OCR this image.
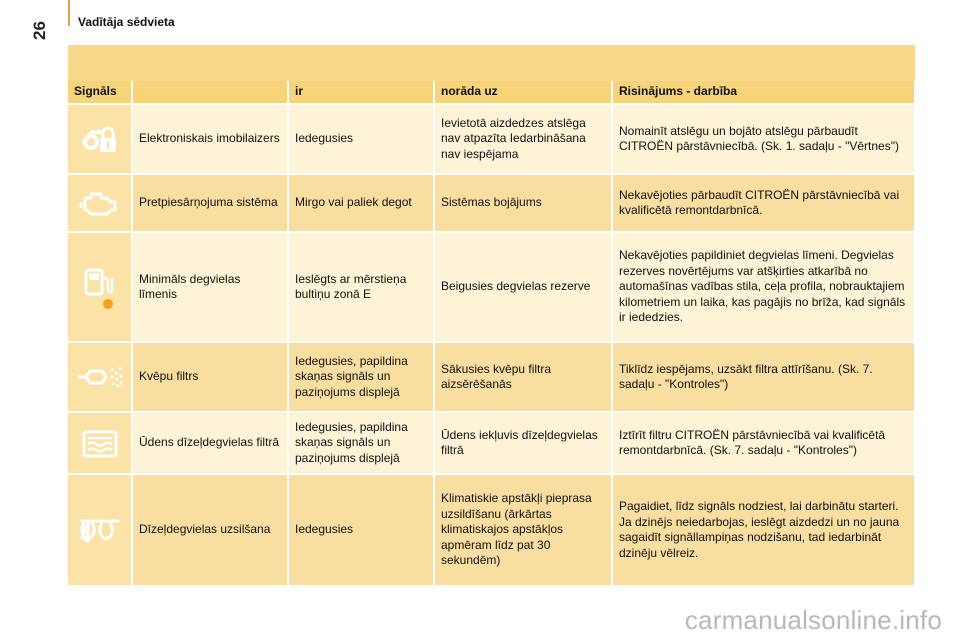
26 Vadītāja sēdvieta
Signāls		ir	norāda uz	Risinājums - darbība

	Elektroniskais imobilaizers	Iedegusies	Ievietotā aizdedzes atslēga nav atpazīta Iedarbināšana nav iespējama	Nomainīt atslēgu un bojāto atslēgu pārbaudīt CITROËN pārstāvniecībā. (Sk. 1. sadaļu - "Vērtnes")

	Pretpiesārņojuma sistēma	Mirgo vai paliek degot	Sistēmas bojājums	Nekavējoties pārbaudīt CITROËN pārstāvniecībā vai kvalificētā remontdarbnīcā.

	Minimāls degvielas līmenis	Ieslēgts ar mērstieņa bultiņu zonā E	Beigusies degvielas rezerve	Nekavējoties papildiniet degvielas līmeni. Degvielas rezerves novērtējums var atšķirties atkarībā no automašīnas vadības stila, ceļa profila, nobrauktajiem kilometriem un laika, kas pagājis no brīža, kad signāls ir iededzies.

	Kvēpu filtrs	Iedegusies, papildina skaņas signāls un paziņojums displejā	Sākusies kvēpu filtra aizsērēšanās	Tiklīdz iespējams, uzsākt filtra attīrīšanu. (Sk. 7. sadaļu - "Kontroles")

	Ūdens dīzeļdegvielas filtrā	Iedegusies, papildina skaņas signāls un paziņojums displejā	Ūdens iekļuvis dīzeļdegvielas filtrā	Iztīrīt filtru CITROËN pārstāvniecībā vai kvalificētā remontdarbnīcā. (Sk. 7. sadaļu - "Kontroles")

	Dīzeļdegvielas uzsilšana	Iedegusies	Klimatiskie apstākļi pieprasa uzsildīšanu (ārkārtas klimatiskajos apstākļos apmēram līdz pat 30 sekundēm)	Pagaidiet, līdz signāls nodziest, lai darbinātu starteri. Ja dzinējs neiedarbojas, ieslēgt aizdedzi un no jauna sagaidīt signāllampiņas nodzišanu, tad iedarbināt dzinēju vēlreiz.
carmanualsonline.info
